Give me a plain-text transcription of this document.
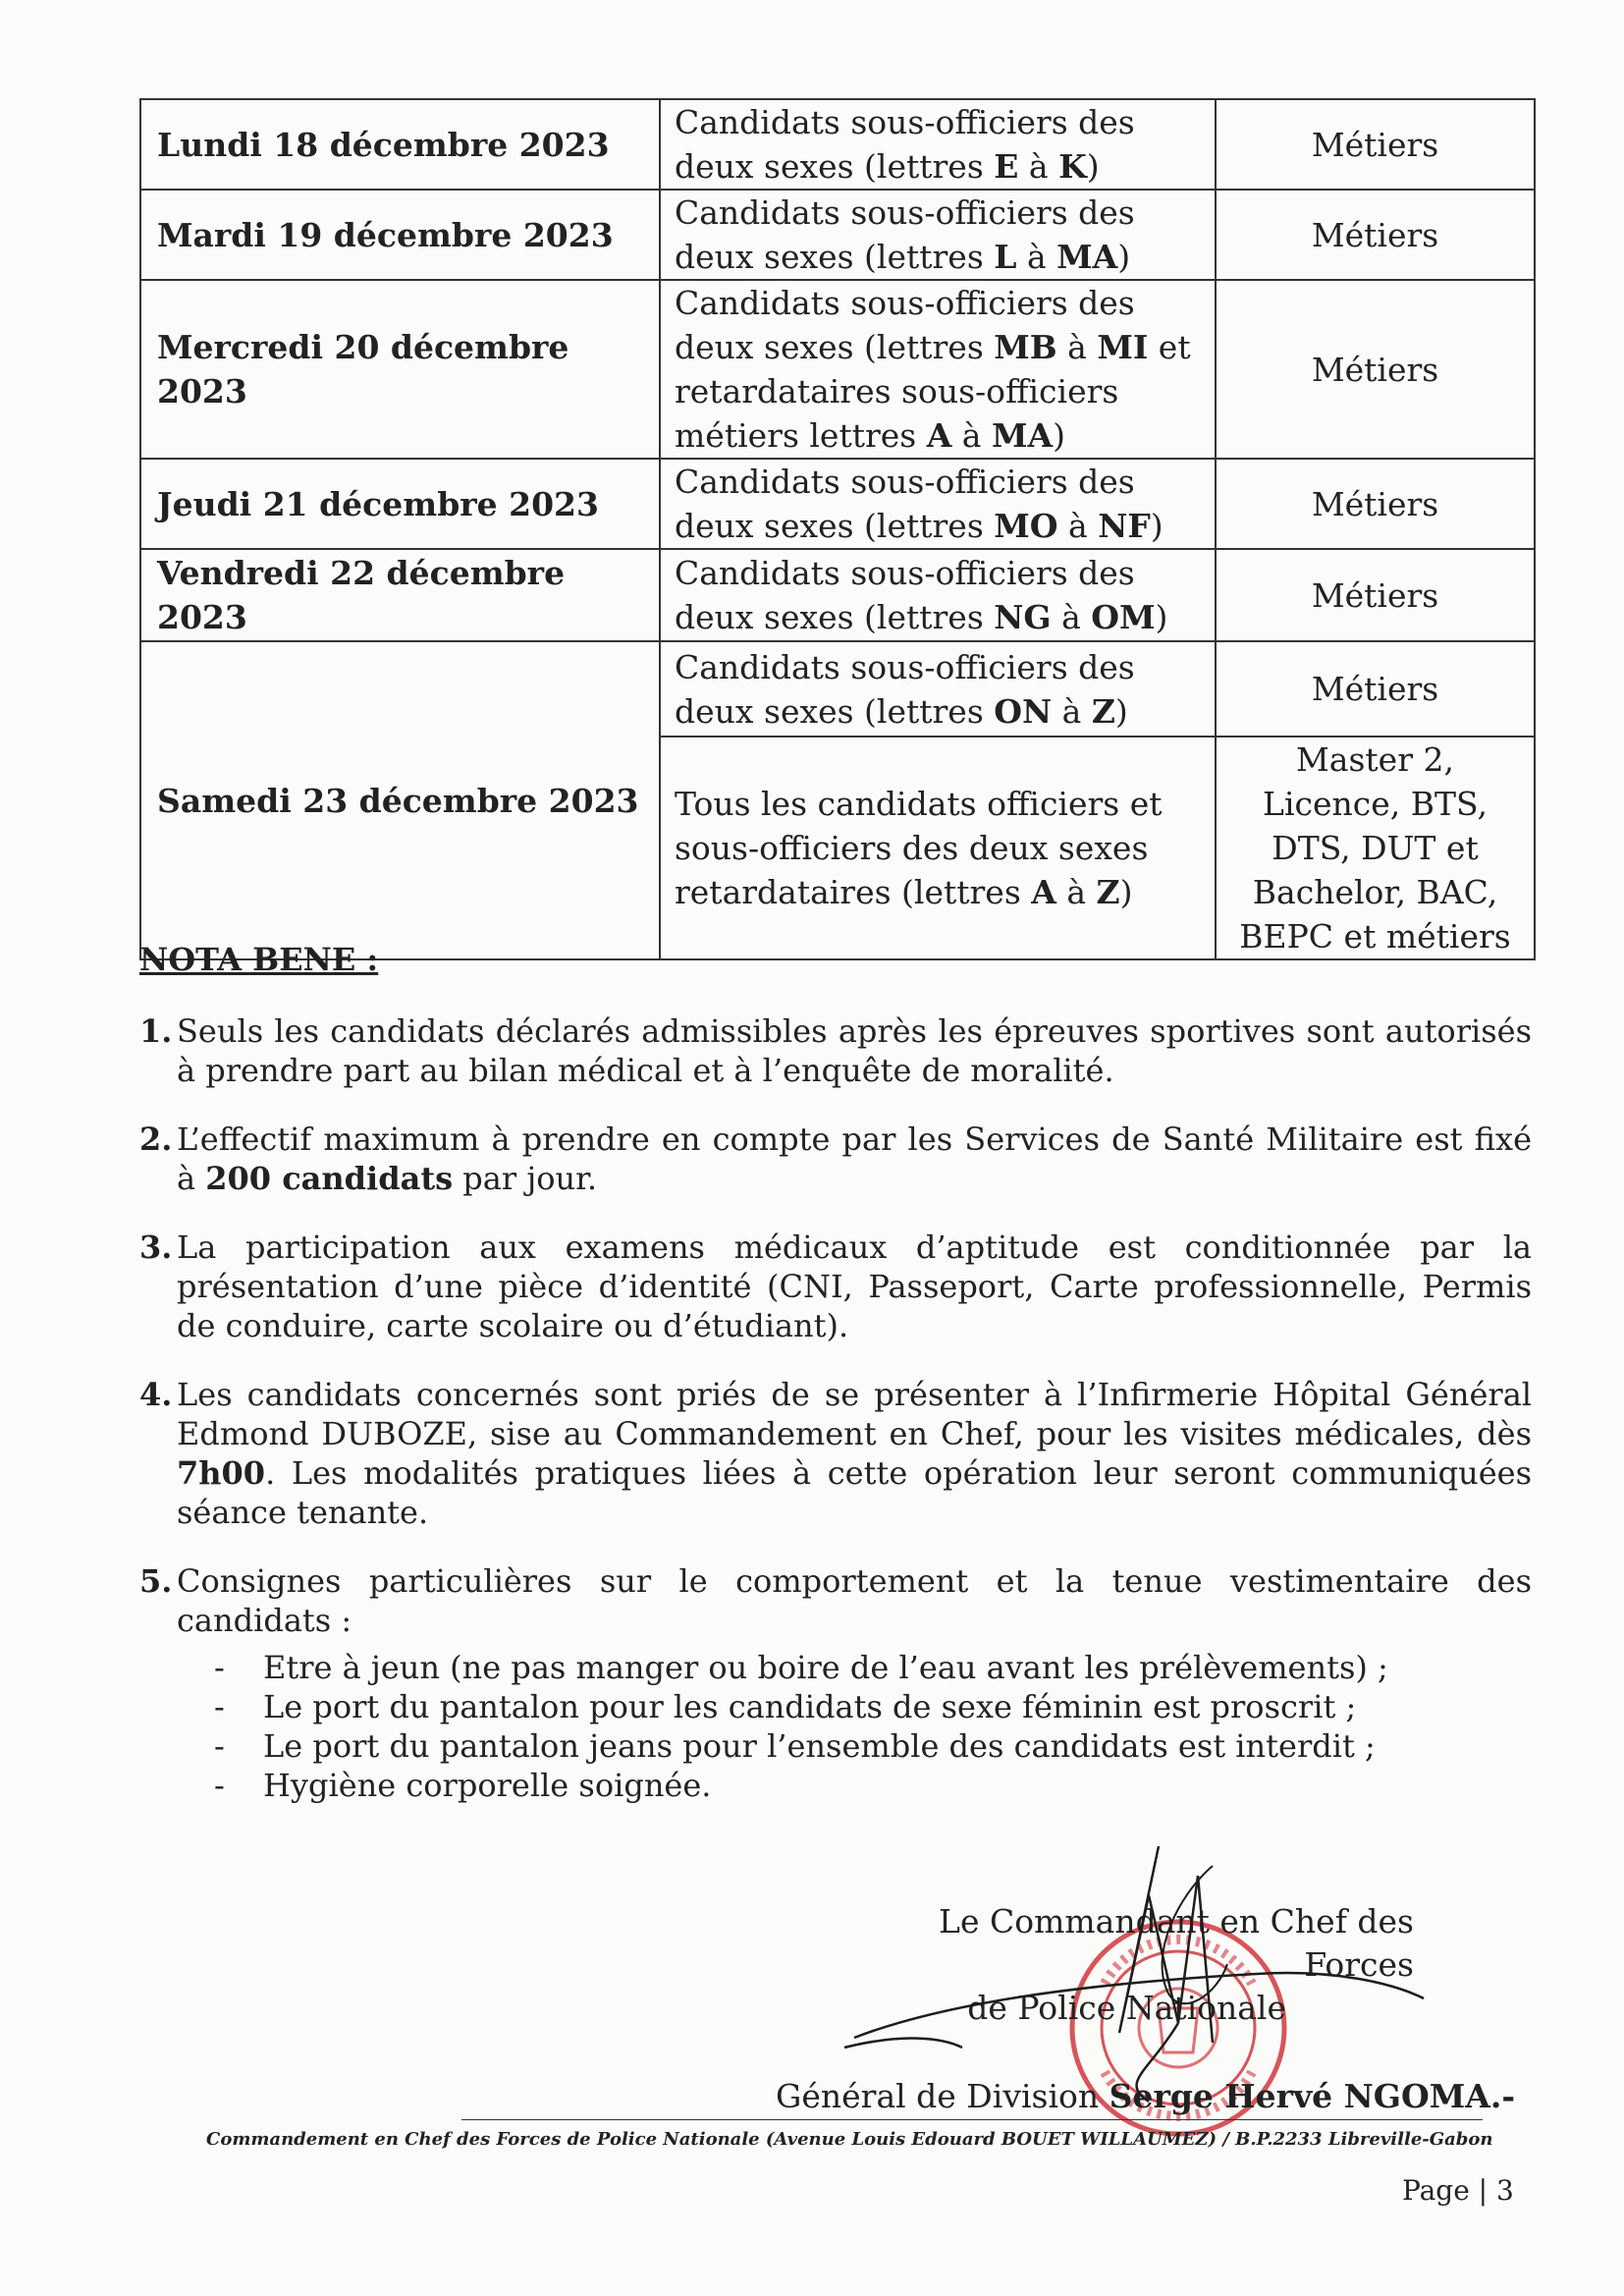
Lundi 18 décembre 2023	Candidats sous-officiers des deux sexes (lettres E à K)	Métiers
Mardi 19 décembre 2023	Candidats sous-officiers des deux sexes (lettres L à MA)	Métiers
Mercredi 20 décembre 2023	Candidats sous-officiers des deux sexes (lettres MB à MI et retardataires sous-officiers métiers lettres A à MA)	Métiers
Jeudi 21 décembre 2023	Candidats sous-officiers des deux sexes (lettres MO à NF)	Métiers
Vendredi 22 décembre 2023	Candidats sous-officiers des deux sexes (lettres NG à OM)	Métiers
Samedi 23 décembre 2023	Candidats sous-officiers des deux sexes (lettres ON à Z)	Métiers
	Tous les candidats officiers et sous-officiers des deux sexes retardataires (lettres A à Z)	Master 2, Licence, BTS, DTS, DUT et Bachelor, BAC, BEPC et métiers

NOTA BENE :

1. Seuls les candidats déclarés admissibles après les épreuves sportives sont autorisés à prendre part au bilan médical et à l’enquête de moralité.
2. L’effectif maximum à prendre en compte par les Services de Santé Militaire est fixé à 200 candidats par jour.
3. La participation aux examens médicaux d’aptitude est conditionnée par la présentation d’une pièce d’identité (CNI, Passeport, Carte professionnelle, Permis de conduire, carte scolaire ou d’étudiant).
4. Les candidats concernés sont priés de se présenter à l’Infirmerie Hôpital Général Edmond DUBOZE, sise au Commandement en Chef, pour les visites médicales, dès 7h00. Les modalités pratiques liées à cette opération leur seront communiquées séance tenante.
5. Consignes particulières sur le comportement et la tenue vestimentaire des candidats :
- Etre à jeun (ne pas manger ou boire de l’eau avant les prélèvements) ;
- Le port du pantalon pour les candidats de sexe féminin est proscrit ;
- Le port du pantalon jeans pour l’ensemble des candidats est interdit ;
- Hygiène corporelle soignée.
Le Commandant en Chef des Forces
de Police Nationale
Général de Division Serge Hervé NGOMA.-
Commandement en Chef des Forces de Police Nationale (Avenue Louis Edouard BOUET WILLAUMEZ) / B.P.2233 Libreville-Gabon
Page | 3
